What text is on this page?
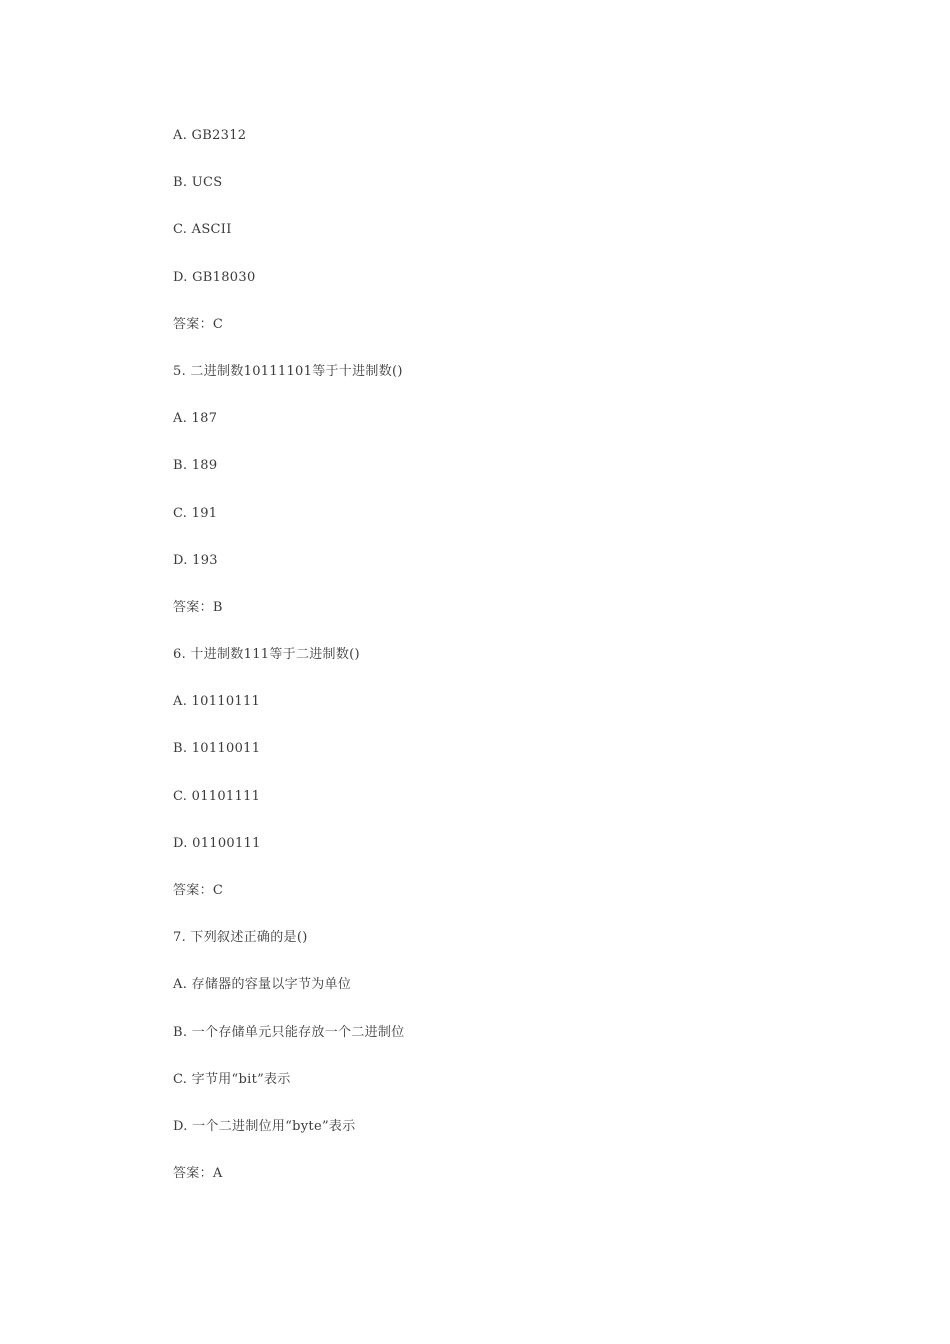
A. GB2312
B. UCS
C. ASCII
D. GB18030
答案：C
5. 二进制数10111101等于十进制数()
A. 187
B. 189
C. 191
D. 193
答案：B
6. 十进制数111等于二进制数()
A. 10110111
B. 10110011
C. 01101111
D. 01100111
答案：C
7. 下列叙述正确的是()
A. 存储器的容量以字节为单位
B. 一个存储单元只能存放一个二进制位
C. 字节用“bit”表示
D. 一个二进制位用“byte”表示
答案：A
